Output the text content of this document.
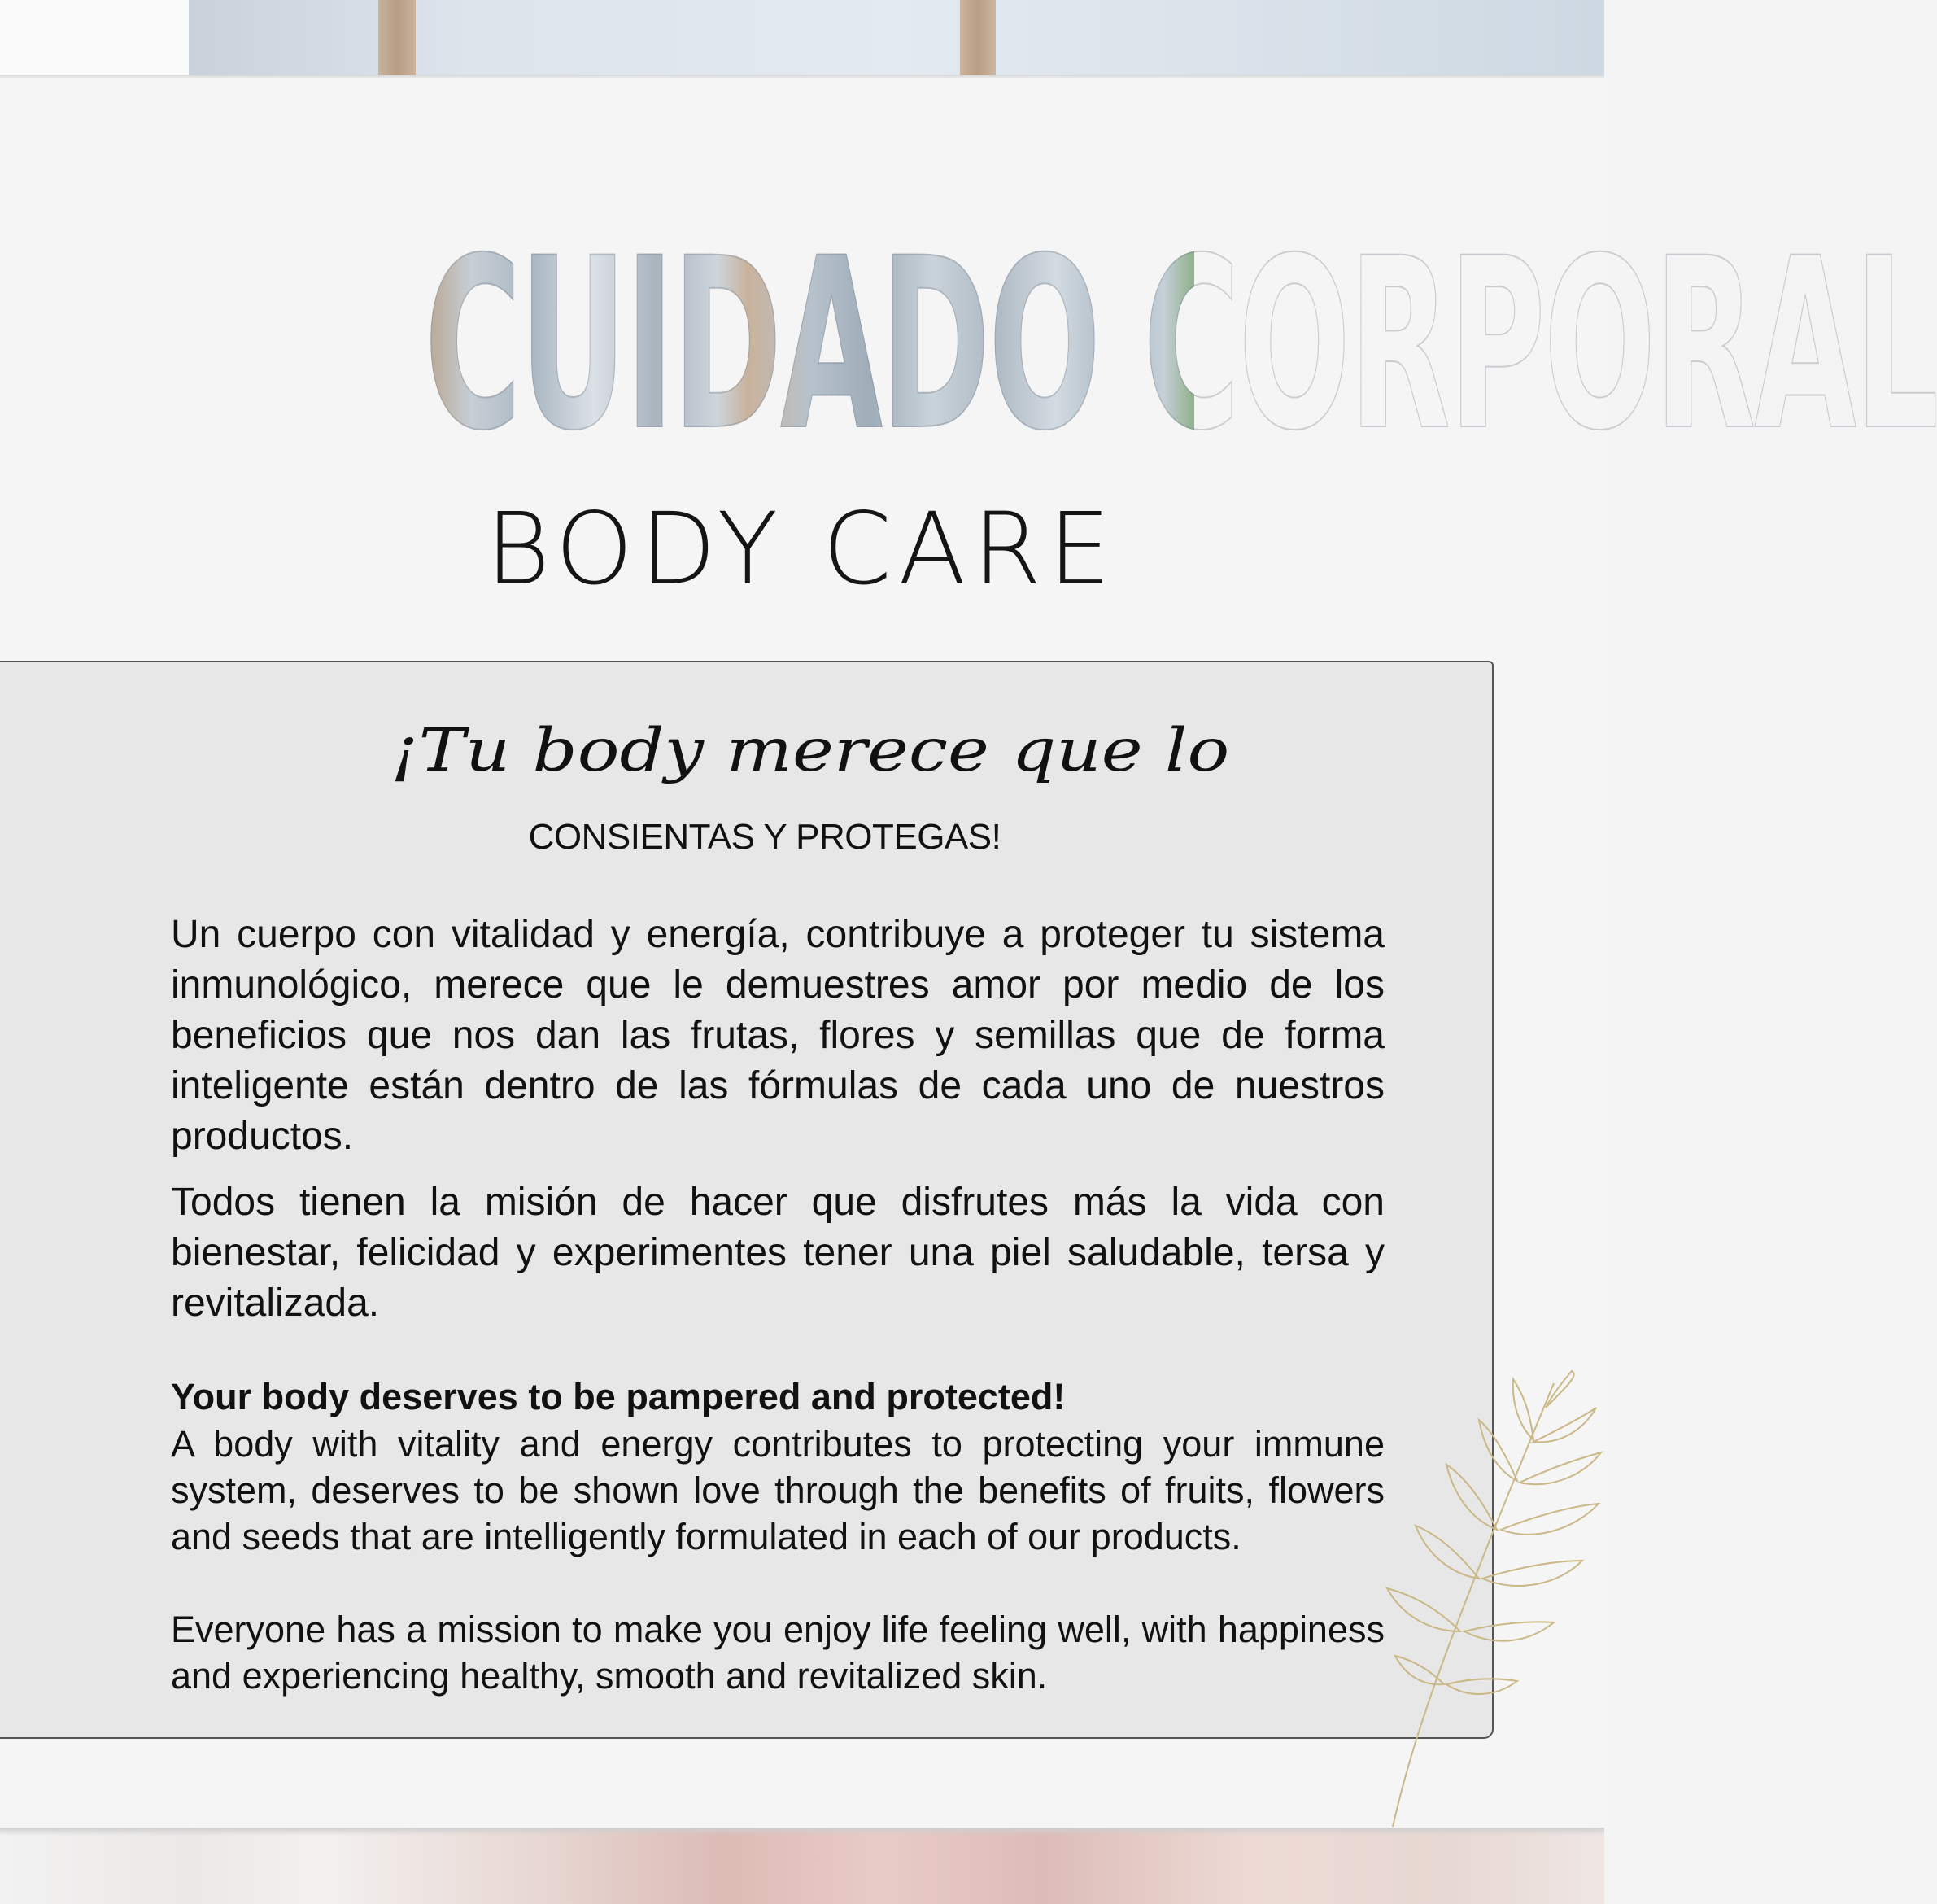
CUIDADO CORPORAL
BODY CARE
¡Tu body merece que lo
CONSIENTAS Y PROTEGAS!

Un cuerpo con vitalidad y energía, contribuye a proteger tu sistema inmunológico, merece que le demuestres amor por medio de los beneficios que nos dan las frutas, flores y semillas que de forma inteligente están dentro de las fórmulas de cada uno de nuestros productos.

Todos tienen la misión de hacer que disfrutes más la vida con bienestar, felicidad y experimentes tener una piel saludable, tersa y revitalizada.

Your body deserves to be pampered and protected!

A body with vitality and energy contributes to protecting your immune system, deserves to be shown love through the benefits of fruits, flowers and seeds that are intelligently formulated in each of our products.

Everyone has a mission to make you enjoy life feeling well, with happiness and experiencing healthy, smooth and revitalized skin.
